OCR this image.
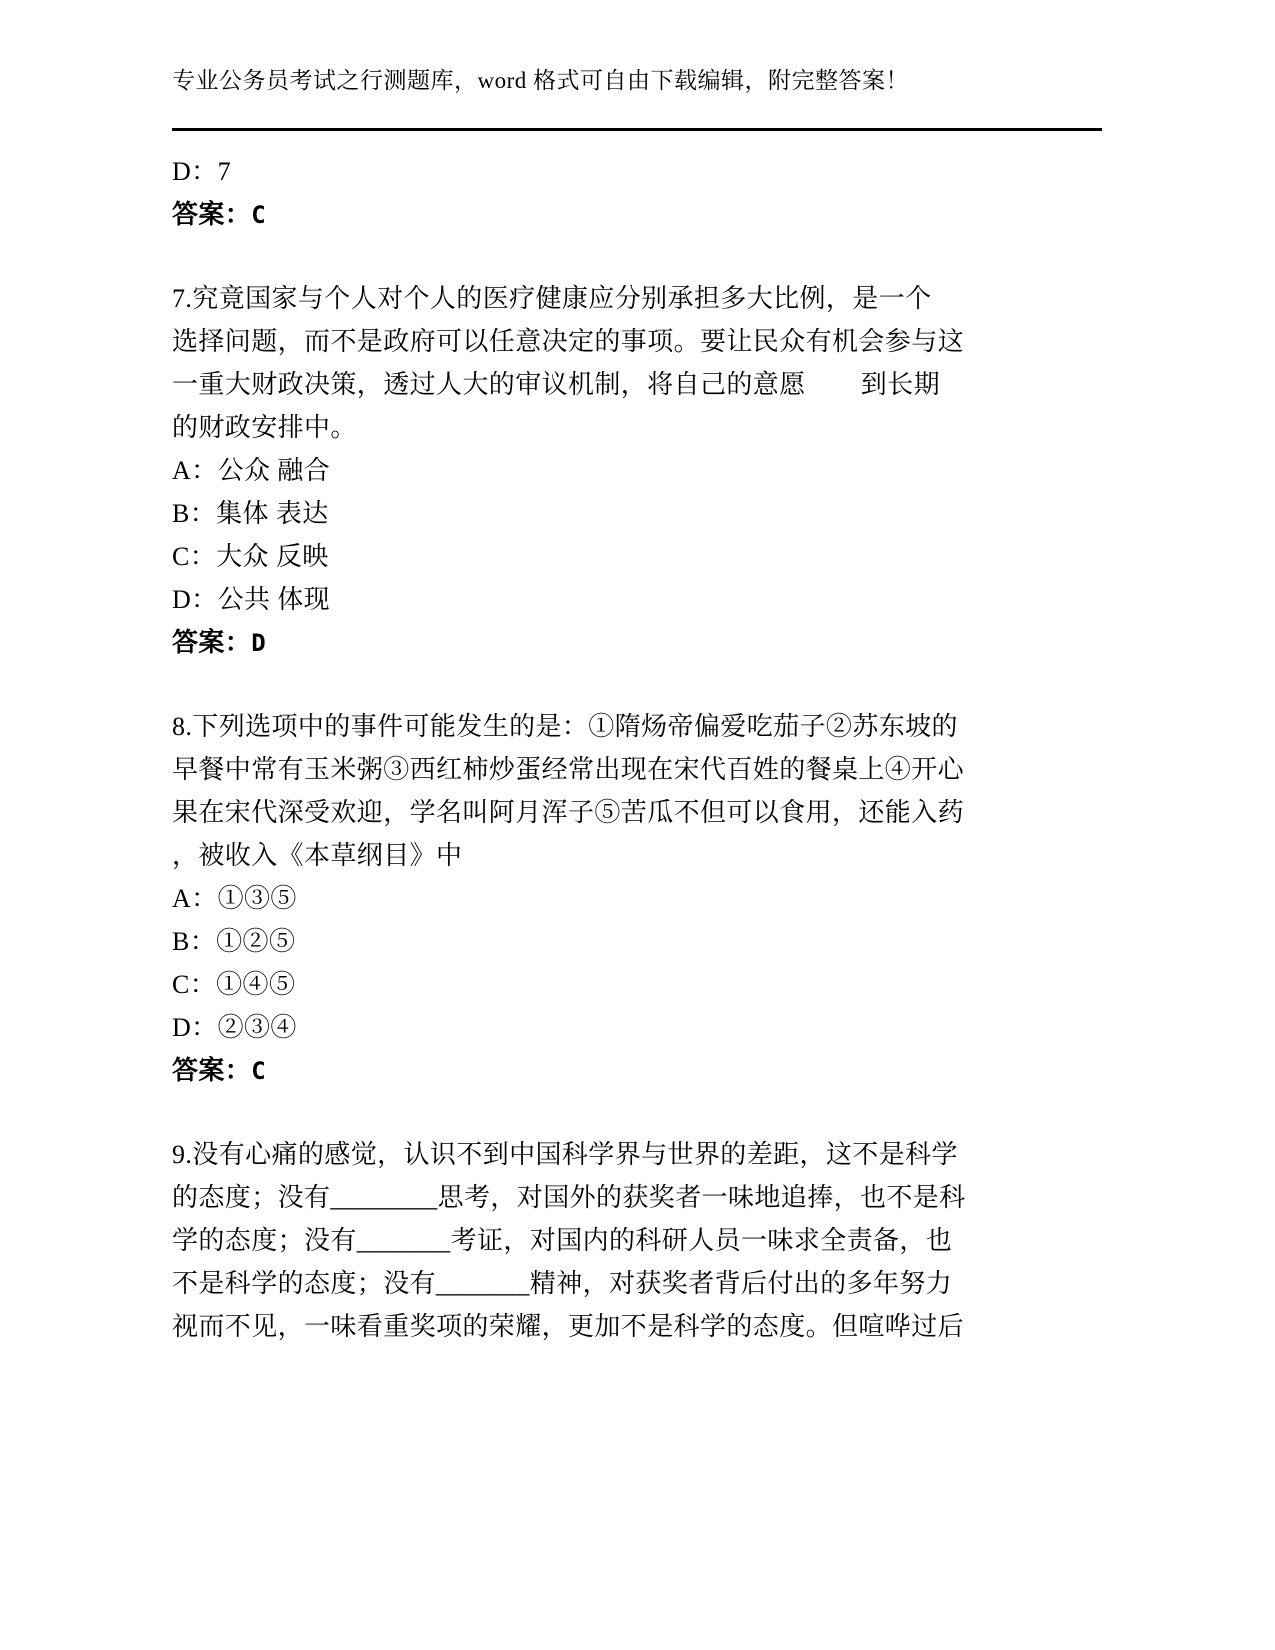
专业公务员考试之行测题库，word 格式可自由下载编辑，附完整答案！
D：7
答案：C
7.究竟国家与个人对个人的医疗健康应分别承担多大比例，是一个
选择问题，而不是政府可以任意决定的事项。要让民众有机会参与这
一重大财政决策，透过人大的审议机制，将自己的意愿        到长期
的财政安排中。
A：公众 融合
B：集体 表达
C：大众 反映
D：公共 体现
答案：D
8.下列选项中的事件可能发生的是：①隋炀帝偏爱吃茄子②苏东坡的
早餐中常有玉米粥③西红柿炒蛋经常出现在宋代百姓的餐桌上④开心
果在宋代深受欢迎，学名叫阿月浑子⑤苦瓜不但可以食用，还能入药
，被收入《本草纲目》中
A：①③⑤
B：①②⑤
C：①④⑤
D：②③④
答案：C
9.没有心痛的感觉，认识不到中国科学界与世界的差距，这不是科学
的态度；没有________思考，对国外的获奖者一味地追捧，也不是科
学的态度；没有_______考证，对国内的科研人员一味求全责备，也
不是科学的态度；没有_______精神，对获奖者背后付出的多年努力
视而不见，一味看重奖项的荣耀，更加不是科学的态度。但喧哗过后
